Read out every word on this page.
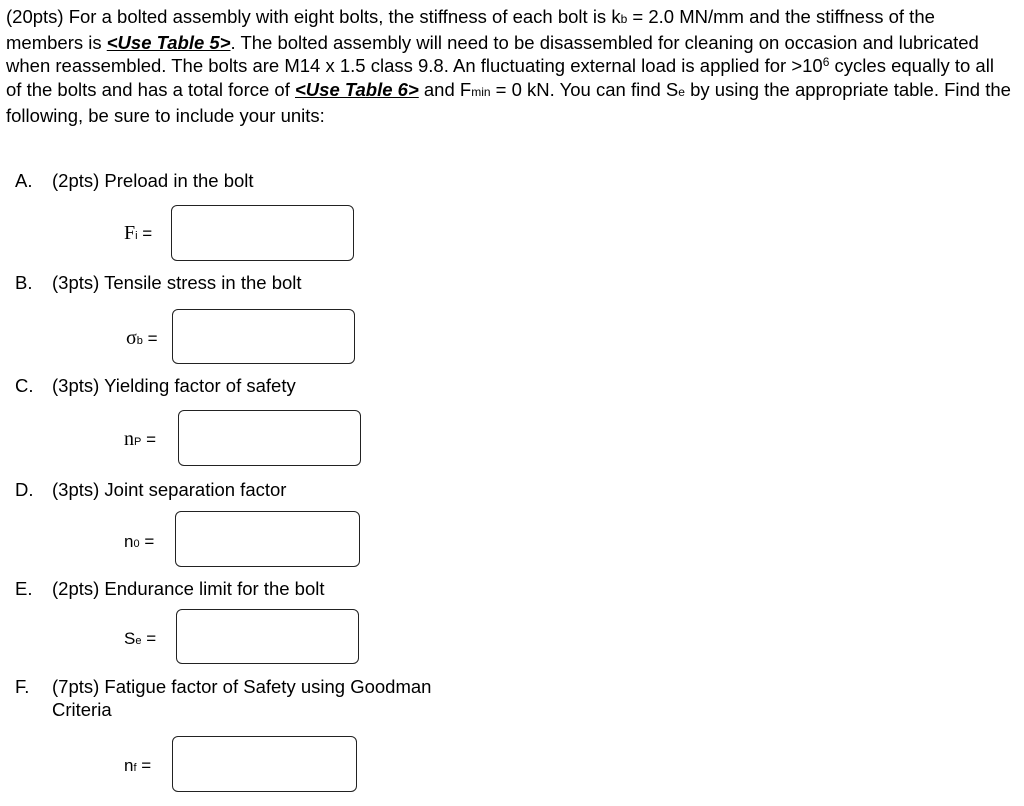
(20pts) For a bolted assembly with eight bolts, the stiffness of each bolt is kb = 2.0 MN/mm and the stiffness of the members is <Use Table 5>. The bolted assembly will need to be disassembled for cleaning on occasion and lubricated when reassembled. The bolts are M14 x 1.5 class 9.8. An fluctuating external load is applied for $>10^6$ cycles equally to all of the bolts and has a total force of <Use Table 6> and Fmin = 0 kN. You can find Se by using the appropriate table. Find the following, be sure to include your units:

A. (2pts) Preload in the bolt
Fi =
B. (3pts) Tensile stress in the bolt
σb =
C. (3pts) Yielding factor of safety
nP =
D. (3pts) Joint separation factor
n0 =
E. (2pts) Endurance limit for the bolt
Se =
F. (7pts) Fatigue factor of Safety using Goodman Criteria
nf =
